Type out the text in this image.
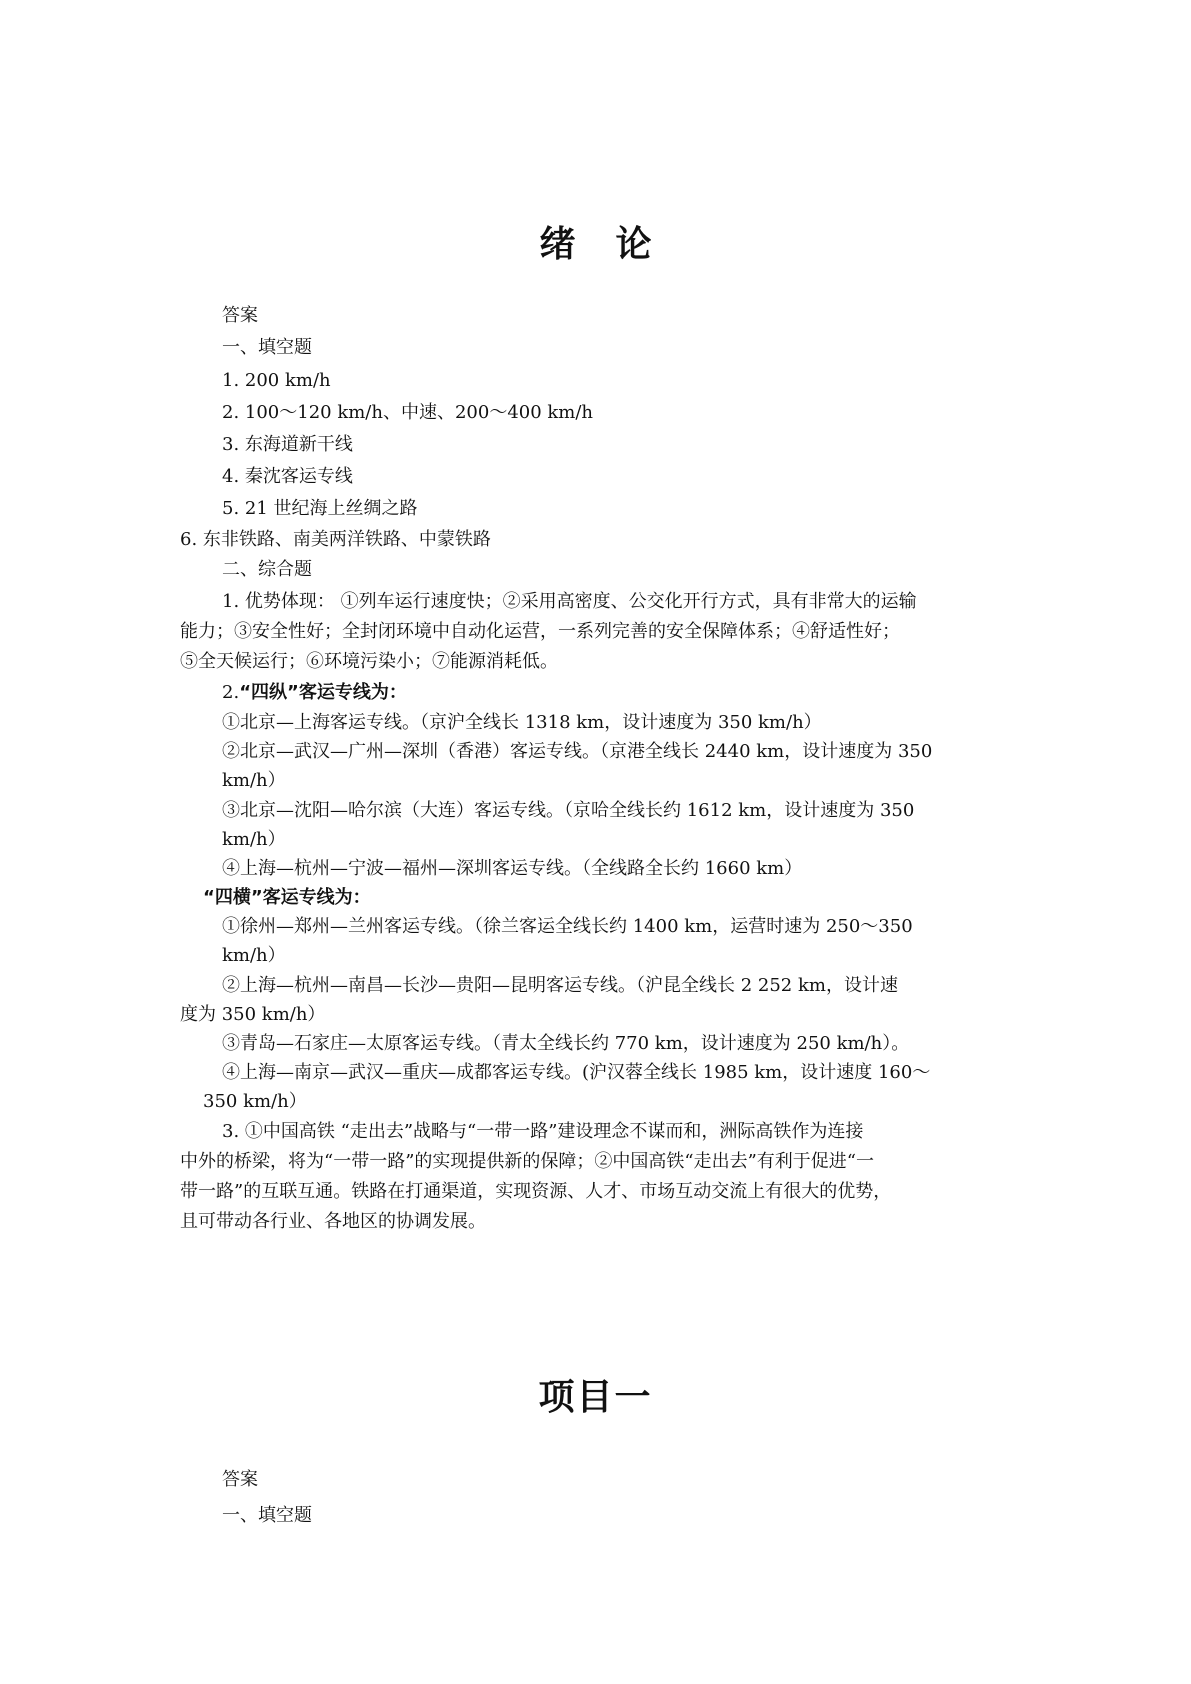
绪论
答案
一、填空题
1. 200 km/h
2. 100～120 km/h、中速、200～400 km/h
3. 东海道新干线
4. 秦沈客运专线
5. 21 世纪海上丝绸之路
6. 东非铁路、南美两洋铁路、中蒙铁路
二、综合题
1. 优势体现： ①列车运行速度快；②采用高密度、公交化开行方式，具有非常大的运输
能力；③安全性好；全封闭环境中自动化运营，一系列完善的安全保障体系；④舒适性好；
⑤全天候运行；⑥环境污染小；⑦能源消耗低。
2.“四纵”客运专线为：
①北京—上海客运专线。（京沪全线长 1318 km，设计速度为 350 km/h）
②北京—武汉—广州—深圳（香港）客运专线。（京港全线长 2440 km，设计速度为 350
km/h）
③北京—沈阳—哈尔滨（大连）客运专线。（京哈全线长约 1612 km，设计速度为 350
km/h）
④上海—杭州—宁波—福州—深圳客运专线。（全线路全长约 1660 km）
“四横”客运专线为：
①徐州—郑州—兰州客运专线。（徐兰客运全线长约 1400 km，运营时速为 250～350
km/h）
②上海—杭州—南昌—长沙—贵阳—昆明客运专线。（沪昆全线长 2 252 km，设计速
度为 350 km/h）
③青岛—石家庄—太原客运专线。（青太全线长约 770 km，设计速度为 250 km/h）。
④上海—南京—武汉—重庆—成都客运专线。(沪汉蓉全线长 1985 km，设计速度 160～
350 km/h）
3. ①中国高铁 “走出去”战略与“一带一路”建设理念不谋而和，洲际高铁作为连接
中外的桥梁，将为“一带一路”的实现提供新的保障；②中国高铁“走出去”有利于促进“一
带一路”的互联互通。铁路在打通渠道，实现资源、人才、市场互动交流上有很大的优势，
且可带动各行业、各地区的协调发展。
项目一
答案
一、填空题
